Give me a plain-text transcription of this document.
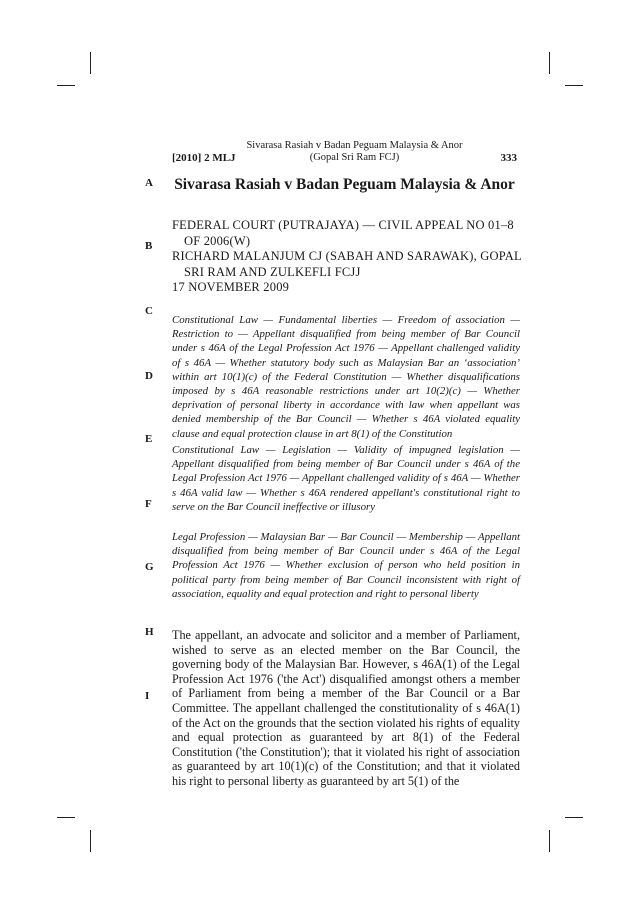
[2010] 2 MLJ
Sivarasa Rasiah v Badan Peguam Malaysia & Anor
(Gopal Sri Ram FCJ)	333
A
B
C
D
E
F
G
H
I
Sivarasa Rasiah v Badan Peguam Malaysia & Anor
FEDERAL COURT (PUTRAJAYA) — CIVIL APPEAL NO 01–8 OF 2006(W)
RICHARD MALANJUM CJ (SABAH AND SARAWAK), GOPAL SRI RAM AND ZULKEFLI FCJJ
17 NOVEMBER 2009
Constitutional Law — Fundamental liberties — Freedom of association — Restriction to — Appellant disqualified from being member of Bar Council under s 46A of the Legal Profession Act 1976 — Appellant challenged validity of s 46A — Whether statutory body such as Malaysian Bar an ‘association’ within art 10(1)(c) of the Federal Constitution — Whether disqualifications imposed by s 46A reasonable restrictions under art 10(2)(c) — Whether deprivation of personal liberty in accordance with law when appellant was denied membership of the Bar Council — Whether s 46A violated equality clause and equal protection clause in art 8(1) of the Constitution
Constitutional Law — Legislation — Validity of impugned legislation — Appellant disqualified from being member of Bar Council under s 46A of the Legal Profession Act 1976 — Appellant challenged validity of s 46A — Whether s 46A valid law — Whether s 46A rendered appellant's constitutional right to serve on the Bar Council ineffective or illusory
Legal Profession — Malaysian Bar — Bar Council — Membership — Appellant disqualified from being member of Bar Council under s 46A of the Legal Profession Act 1976 — Whether exclusion of person who held position in political party from being member of Bar Council inconsistent with right of association, equality and equal protection and right to personal liberty
The appellant, an advocate and solicitor and a member of Parliament, wished to serve as an elected member on the Bar Council, the governing body of the Malaysian Bar. However, s 46A(1) of the Legal Profession Act 1976 ('the Act') disqualified amongst others a member of Parliament from being a member of the Bar Council or a Bar Committee. The appellant challenged the constitutionality of s 46A(1) of the Act on the grounds that the section violated his rights of equality and equal protection as guaranteed by art 8(1) of the Federal Constitution ('the Constitution'); that it violated his right of association as guaranteed by art 10(1)(c) of the Constitution; and that it violated his right to personal liberty as guaranteed by art 5(1) of the
